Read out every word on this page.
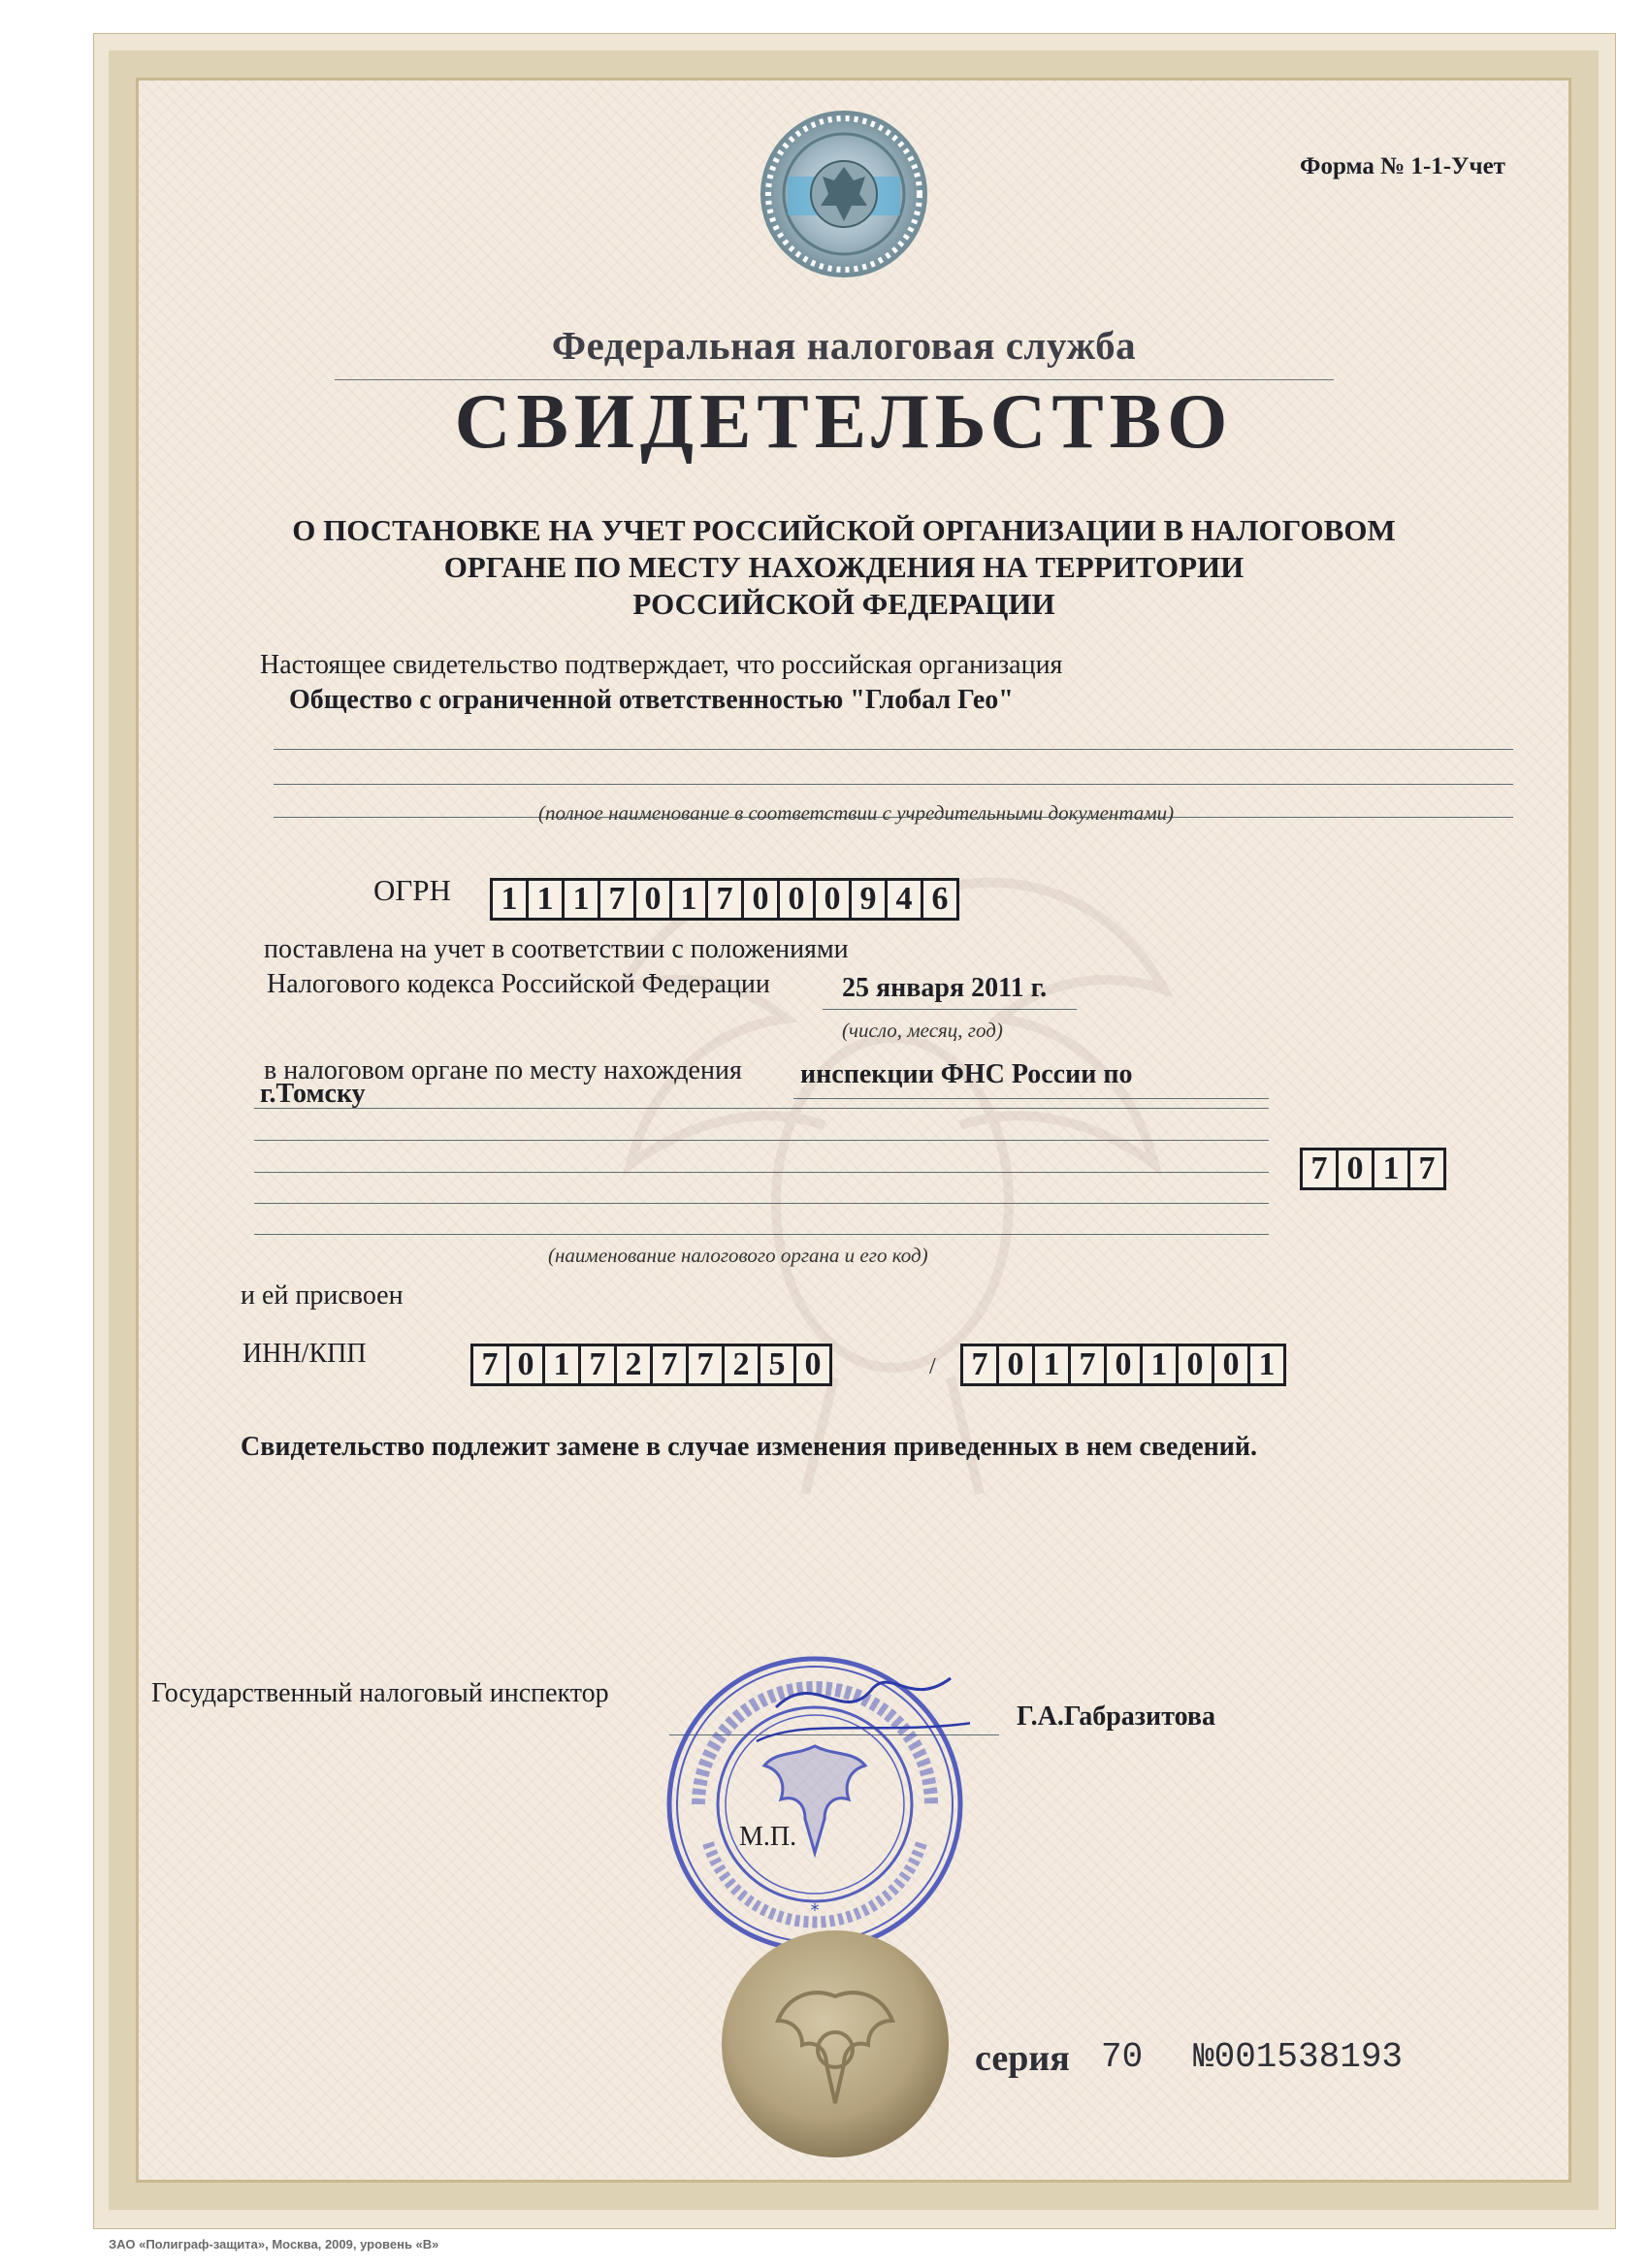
Форма № 1-1-Учет
Федеральная налоговая служба
СВИДЕТЕЛЬСТВО
О ПОСТАНОВКЕ НА УЧЕТ РОССИЙСКОЙ ОРГАНИЗАЦИИ В НАЛОГОВОМ
ОРГАНЕ ПО МЕСТУ НАХОЖДЕНИЯ НА ТЕРРИТОРИИ
РОССИЙСКОЙ ФЕДЕРАЦИИ
Настоящее свидетельство подтверждает, что российская организация
Общество с ограниченной ответственностью "Глобал Гео"
(полное наименование в соответствии с учредительными документами)
ОГРН 1 1 1 7 0 1 7 0 0 0 9 4 6
поставлена на учет в соответствии с положениями
Налогового кодекса Российской Федерации	25 января 2011 г.
(число, месяц, год)
в налоговом органе по месту нахождения инспекции ФНС России по
г.Томску
7 0 1 7
(наименование налогового органа и его код)
и ей присвоен
ИНН/КПП	7 0 1 7 2 7 7 2 5 0	/ 7 0 1 7 0 1 0 0 1
Свидетельство подлежит замене в случае изменения приведенных в нем сведений.
Государственный налоговый инспектор
Г.А.Габразитова
*
М.П.
серия 70 №001538193
ЗАО «Полиграф-защита», Москва, 2009, уровень «В»
